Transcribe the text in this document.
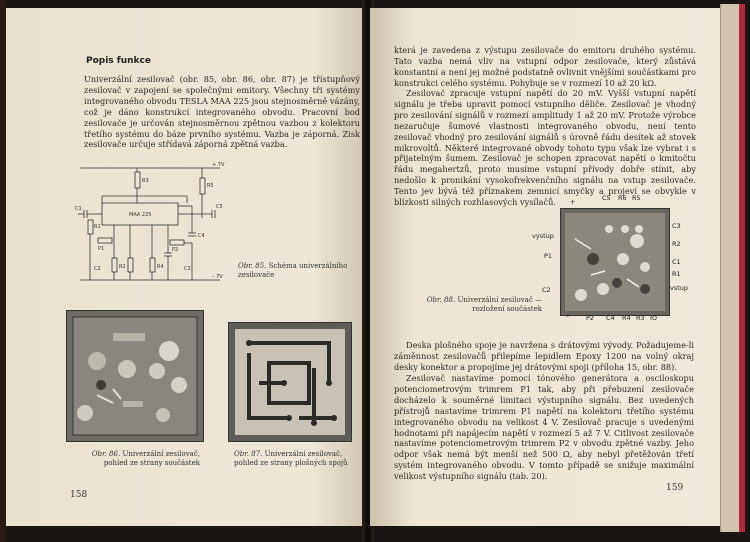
Popis funkce

Univerzální zesilovač (obr. 85, obr. 86, obr. 87) je třístupňový zesilovač v zapojení se společnými emitory. Všechny tři systémy integrovaného obvodu TESLA MAA 225 jsou stejnosměrně vázány, což je dáno konstrukcí integrovaného obvodu. Pracovní bod zesilovače je určován stejnosměrnou zpětnou vazbou z kolektoru třetího systému do báze prvního systému. Vazba je záporná. Zisk zesilovače určuje střídavá záporná zpětná vazba.

MAA 225
+ 7V
– 7V
R3
R5
C1
C2	C3
C4
C5
R1
R2	R4
P1	P2
Obr. 85. Schéma univerzálního zesilovače
Obr. 86. Univerzální zesilovač, pohled ze strany součástek
Obr. 87. Univerzální zesilovač, pohled ze strany plošných spojů
158

která je zavedena z výstupu zesilovače do emitoru druhého systému. Tato vazba nemá vliv na vstupní odpor zesilovače, který zůstává konstantní a není jej možné podstatně ovlivnit vnějšími součástkami pro konstrukci celého systému. Pohybuje se v rozmezí 10 až 20 kΩ.

Zesilovač zpracuje vstupní napětí do 20 mV. Vyšší vstupní napětí signálu je třeba upravit pomocí vstupního děliče. Zesilovač je vhodný pro zesilování signálů v rozmezí amplitudy 1 až 20 mV. Protože výrobce nezaručuje šumové vlastnosti integrovaného obvodu, není tento zesilovač vhodný pro zesilování signálů s úrovně řádu desítek až stovek mikrovoltů. Některé integrované obvody tohoto typu však lze vybrat i s přijatelným šumem. Zesilovač je schopen zpracovat napětí o kmitočtu řádu megahertzů, proto musíme vstupní přívody dobře stínit, aby nedošlo k pronikání vysokofrekvenčního signálu na vstup zesilovače. Tento jev bývá též příznakem zemnicí smyčky a projeví se obvykle v blízkosti silných rozhlasových vysílačů.	C5 R6 R5
+
výstup
C3
R2
P1
C1
R1
vstup
C2
–	P2 C4 R4 R3 IO
Obr. 88. Univerzální zesilovač — rozložení součástek

Deska plošného spoje je navržena s drátovými vývody. Požadujeme-li záměnnost zesilovačů přilepíme lepidlem Epoxy 1200 na volný okraj desky konektor a propojíme jej drátovými spoji (příloha 15, obr. 88).

Zesilovač nastavíme pomocí tónového generátora a osciloskopu potenciometrovým trimrem P1 tak, aby při přebuzení zesilovače docházelo k souměrné limitaci výstupního signálu. Bez uvedených přístrojů nastavíme trimrem P1 napětí na kolektoru třetího systému integrovaného obvodu na velikost 4 V. Zesilovač pracuje s uvedenými hodnotami při napájecím napětí v rozmezí 5 až 7 V. Citlivost zesilovače nastavíme potenciometrovým trimrem P2 v obvodu zpětné vazby. Jeho odpor však nemá být menší než 500 Ω, aby nebyl přetěžován třetí systém integrovaného obvodu. V tomto případě se snižuje maximální velikost výstupního signálu (tab. 20).

159
